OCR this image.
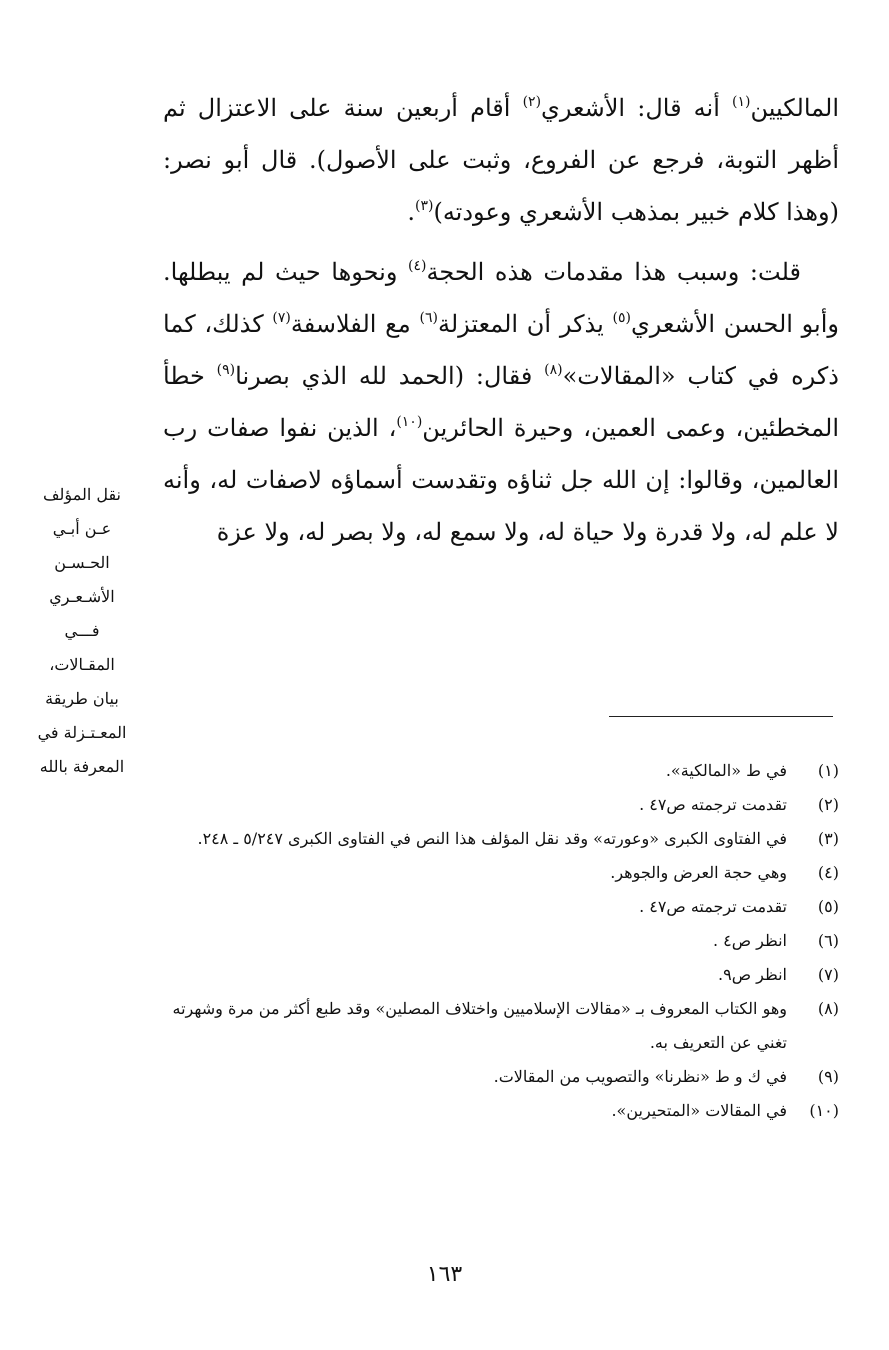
المالكيين$^{(١)}$ أنه قال: الأشعري$^{(٢)}$ أقام أربعين سنة على الاعتزال ثم أظهر التوبة، فرجع عن الفروع، وثبت على الأصول). قال أبو نصر: (وهذا كلام خبير بمذهب الأشعري وعودته)$^{(٣)}$.

قلت: وسبب هذا مقدمات هذه الحجة$^{(٤)}$ ونحوها حيث لم يبطلها. وأبو الحسن الأشعري$^{(٥)}$ يذكر أن المعتزلة$^{(٦)}$ مع الفلاسفة$^{(٧)}$ كذلك، كما ذكره في كتاب «المقالات»$^{(٨)}$ فقال: (الحمد لله الذي بصرنا$^{(٩)}$ خطأ المخطئين، وعمى العمين، وحيرة الحائرين$^{(١٠)}$، الذين نفوا صفات رب العالمين، وقالوا: إن الله جل ثناؤه وتقدست أسماؤه لاصفات له، وأنه لا علم له، ولا قدرة ولا حياة له، ولا سمع له، ولا بصر له، ولا عزة

نقل المؤلف
عـن أبـي
الحـسـن
الأشـعـري
فـــي
المقـالات،
بيان طريقة
المعـتـزلة في
المعرفة بالله	(١)
في ط «المالكية».
(٢)
تقدمت ترجمته ص٤٧ .
(٣)
في الفتاوى الكبرى «وعورته» وقد نقل المؤلف هذا النص في الفتاوى الكبرى ٥/٢٤٧ ـ ٢٤٨.
(٤)
وهي حجة العرض والجوهر.
(٥)
تقدمت ترجمته ص٤٧ .
(٦)
انظر ص٤ .
(٧)
انظر ص٩.
(٨)
وهو الكتاب المعروف بـ «مقالات الإسلاميين واختلاف المصلين» وقد طبع أكثر من مرة وشهرته تغني عن التعريف به.
(٩)
في ك و ط «نظرنا» والتصويب من المقالات.
(١٠)
في المقالات «المتحيرين».
١٦٣
